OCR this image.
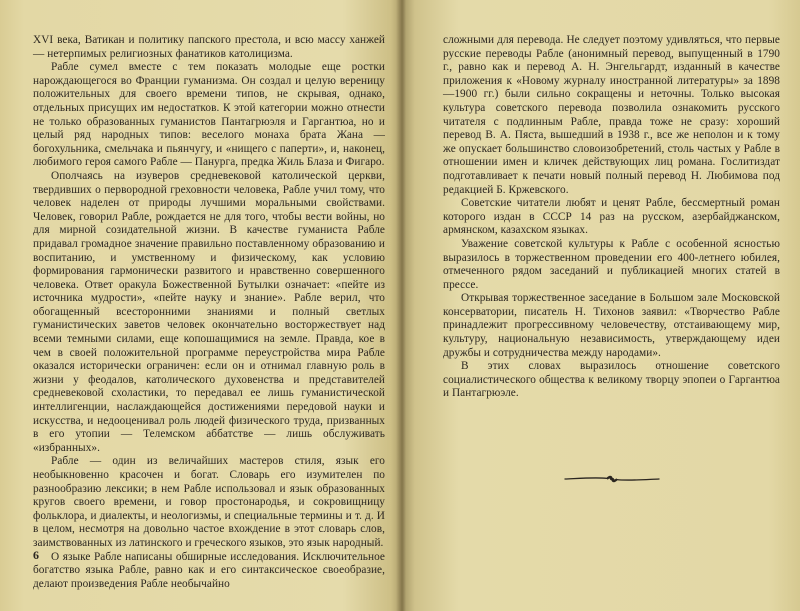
XVI века, Ватикан и политику папского престола, и всю массу ханжей — нетерпимых религиозных фанатиков католицизма.

Рабле сумел вместе с тем показать молодые еще ростки нарождающегося во Франции гуманизма. Он создал и целую вереницу положительных для своего времени типов, не скрывая, однако, отдельных присущих им недостатков. К этой категории можно отнести не только образованных гуманистов Пантагрюэля и Гаргантюа, но и целый ряд народных типов: веселого монаха брата Жана — богохульника, смельчака и пьянчугу, и «нищего с паперти», и, наконец, любимого героя самого Рабле — Панурга, предка Жиль Блаза и Фигаро.

Ополчаясь на изуверов средневековой католической церкви, твердивших о первородной греховности человека, Рабле учил тому, что человек наделен от природы лучшими моральными свойствами. Человек, говорил Рабле, рождается не для того, чтобы вести войны, но для мирной созидательной жизни. В качестве гуманиста Рабле придавал громадное значение правильно поставленному образованию и воспитанию, и умственному и физическому, как условию формирования гармонически развитого и нравственно совершенного человека. Ответ оракула Божественной Бутылки означает: «пейте из источника мудрости», «пейте науку и знание». Рабле верил, что обогащенный всесторонними знаниями и полный светлых гуманистических заветов человек окончательно восторжествует над всеми темными силами, еще копошащимися на земле. Правда, кое в чем в своей положительной программе переустройства мира Рабле оказался исторически ограничен: если он и отнимал главную роль в жизни у феодалов, католического духовенства и представителей средневековой схоластики, то передавал ее лишь гуманистической интеллигенции, наслаждающейся достижениями передовой науки и искусства, и недооценивал роль людей физического труда, призванных в его утопии — Телемском аббатстве — лишь обслуживать «избранных».

Рабле — один из величайших мастеров стиля, язык его необыкновенно красочен и богат. Словарь его изумителен по разнообразию лексики; в нем Рабле использовал и язык образованных кругов своего времени, и говор простонародья, и сокровищницу фольклора, и диалекты, и неологизмы, и специальные термины и т. д. И в целом, несмотря на довольно частое вхождение в этот словарь слов, заимствованных из латинского и греческого языков, это язык народный.

О языке Рабле написаны обширные исследования. Исключительное богатство языка Рабле, равно как и его синтаксическое своеобразие, делают произведения Рабле необычайно

6

сложными для перевода. Не следует поэтому удивляться, что первые русские переводы Рабле (анонимный перевод, выпущенный в 1790 г., равно как и перевод А. Н. Энгельгардт, изданный в качестве приложения к «Новому журналу иностранной литературы» за 1898—1900 гг.) были сильно сокращены и неточны. Только высокая культура советского перевода позволила ознакомить русского читателя с подлинным Рабле, правда тоже не сразу: хороший перевод В. А. Пяста, вышедший в 1938 г., все же неполон и к тому же опускает большинство словоизобретений, столь частых у Рабле в отношении имен и кличек действующих лиц романа. Гослитиздат подготавливает к печати новый полный перевод Н. Любимова под редакцией Б. Кржевского.

Советские читатели любят и ценят Рабле, бессмертный роман которого издан в СССР 14 раз на русском, азербайджанском, армянском, казахском языках.

Уважение советской культуры к Рабле с особенной ясностью выразилось в торжественном проведении его 400-летнего юбилея, отмеченного рядом заседаний и публикацией многих статей в прессе.

Открывая торжественное заседание в Большом зале Московской консерватории, писатель Н. Тихонов заявил: «Творчество Рабле принадлежит прогрессивному человечеству, отстаивающему мир, культуру, национальную независимость, утверждающему идеи дружбы и сотрудничества между народами».

В этих словах выразилось отношение советского социалистического общества к великому творцу эпопеи о Гаргантюа и Пантагрюэле.
